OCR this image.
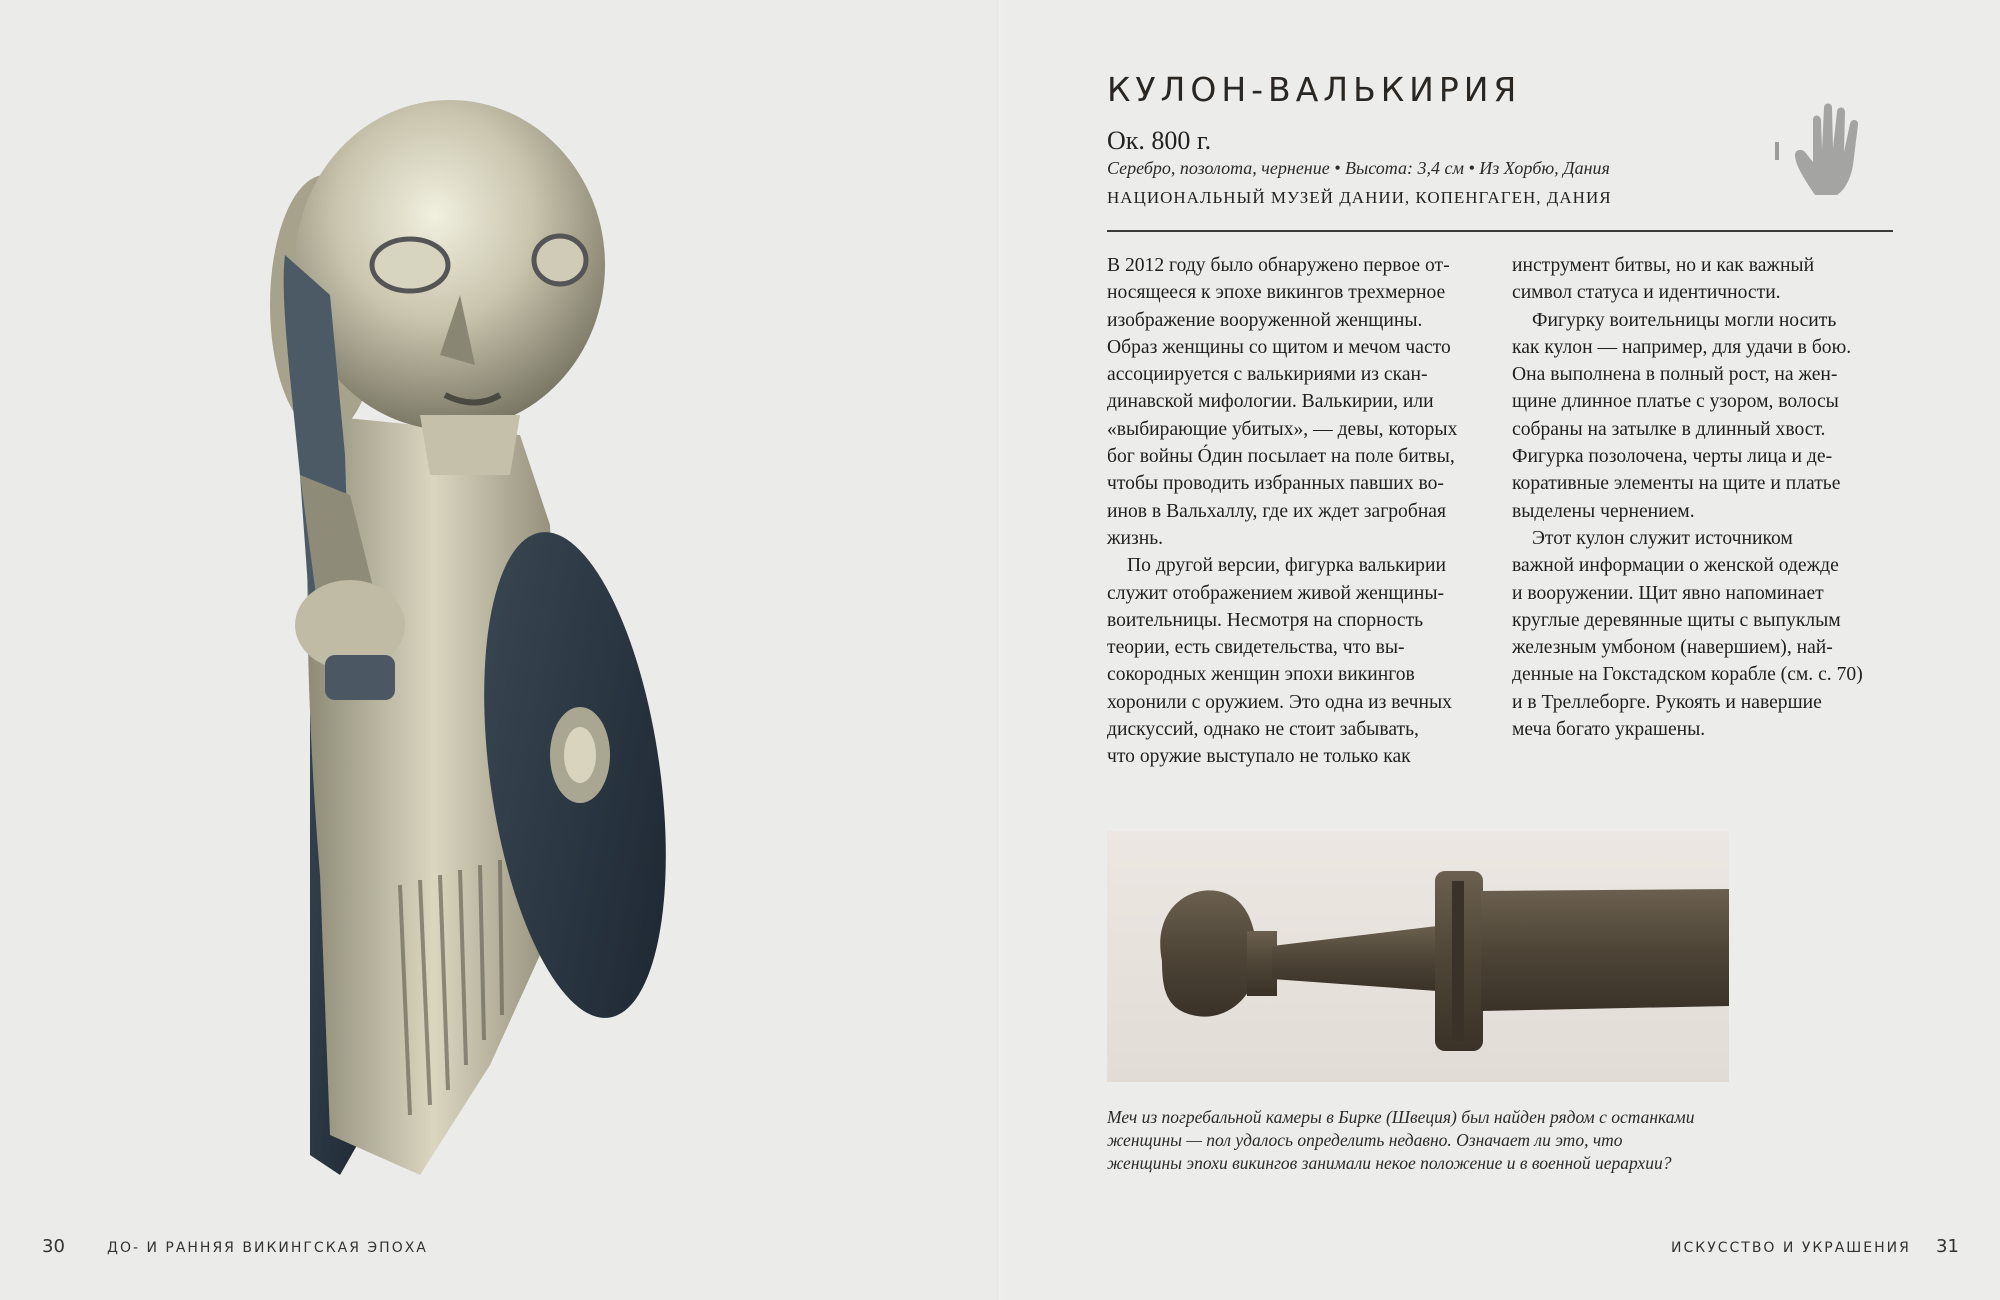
30	ДО- И РАННЯЯ ВИКИНГСКАЯ ЭПОХА
КУЛОН-ВАЛЬКИРИЯ
Ок. 800 г.
Серебро, позолота, чернение • Высота: 3,4 см • Из Хорбю, Дания
НАЦИОНАЛЬНЫЙ МУЗЕЙ ДАНИИ, КОПЕНГАГЕН, ДАНИЯ

В 2012 году было обнаружено первое от-

носящееся к эпохе викингов трехмерное

изображение вооруженной женщины.

Образ женщины со щитом и мечом часто

ассоциируется с валькириями из скан-

динавской мифологии. Валькирии, или

«выбирающие убитых», — девы, которых

бог войны Óдин посылает на поле битвы,

чтобы проводить избранных павших во-

инов в Вальхаллу, где их ждет загробная

жизнь.

По другой версии, фигурка валькирии

служит отображением живой женщины-

воительницы. Несмотря на спорность

теории, есть свидетельства, что вы-

сокородных женщин эпохи викингов

хоронили с оружием. Это одна из вечных

дискуссий, однако не стоит забывать,

что оружие выступало не только как

инструмент битвы, но и как важный

символ статуса и идентичности.

Фигурку воительницы могли носить

как кулон — например, для удачи в бою.

Она выполнена в полный рост, на жен-

щине длинное платье с узором, волосы

собраны на затылке в длинный хвост.

Фигурка позолочена, черты лица и де-

коративные элементы на щите и платье

выделены чернением.

Этот кулон служит источником

важной информации о женской одежде

и вооружении. Щит явно напоминает

круглые деревянные щиты с выпуклым

железным умбоном (навершием), най-

денные на Гокстадском корабле (см. с. 70)

и в Треллеборге. Рукоять и навершие

меча богато украшены.

Меч из погребальной камеры в Бирке (Швеция) был найден рядом с останками
женщины — пол удалось определить недавно. Означает ли это, что
женщины эпохи викингов занимали некое положение и в военной иерархии?
ИСКУССТВО И УКРАШЕНИЯ 31
